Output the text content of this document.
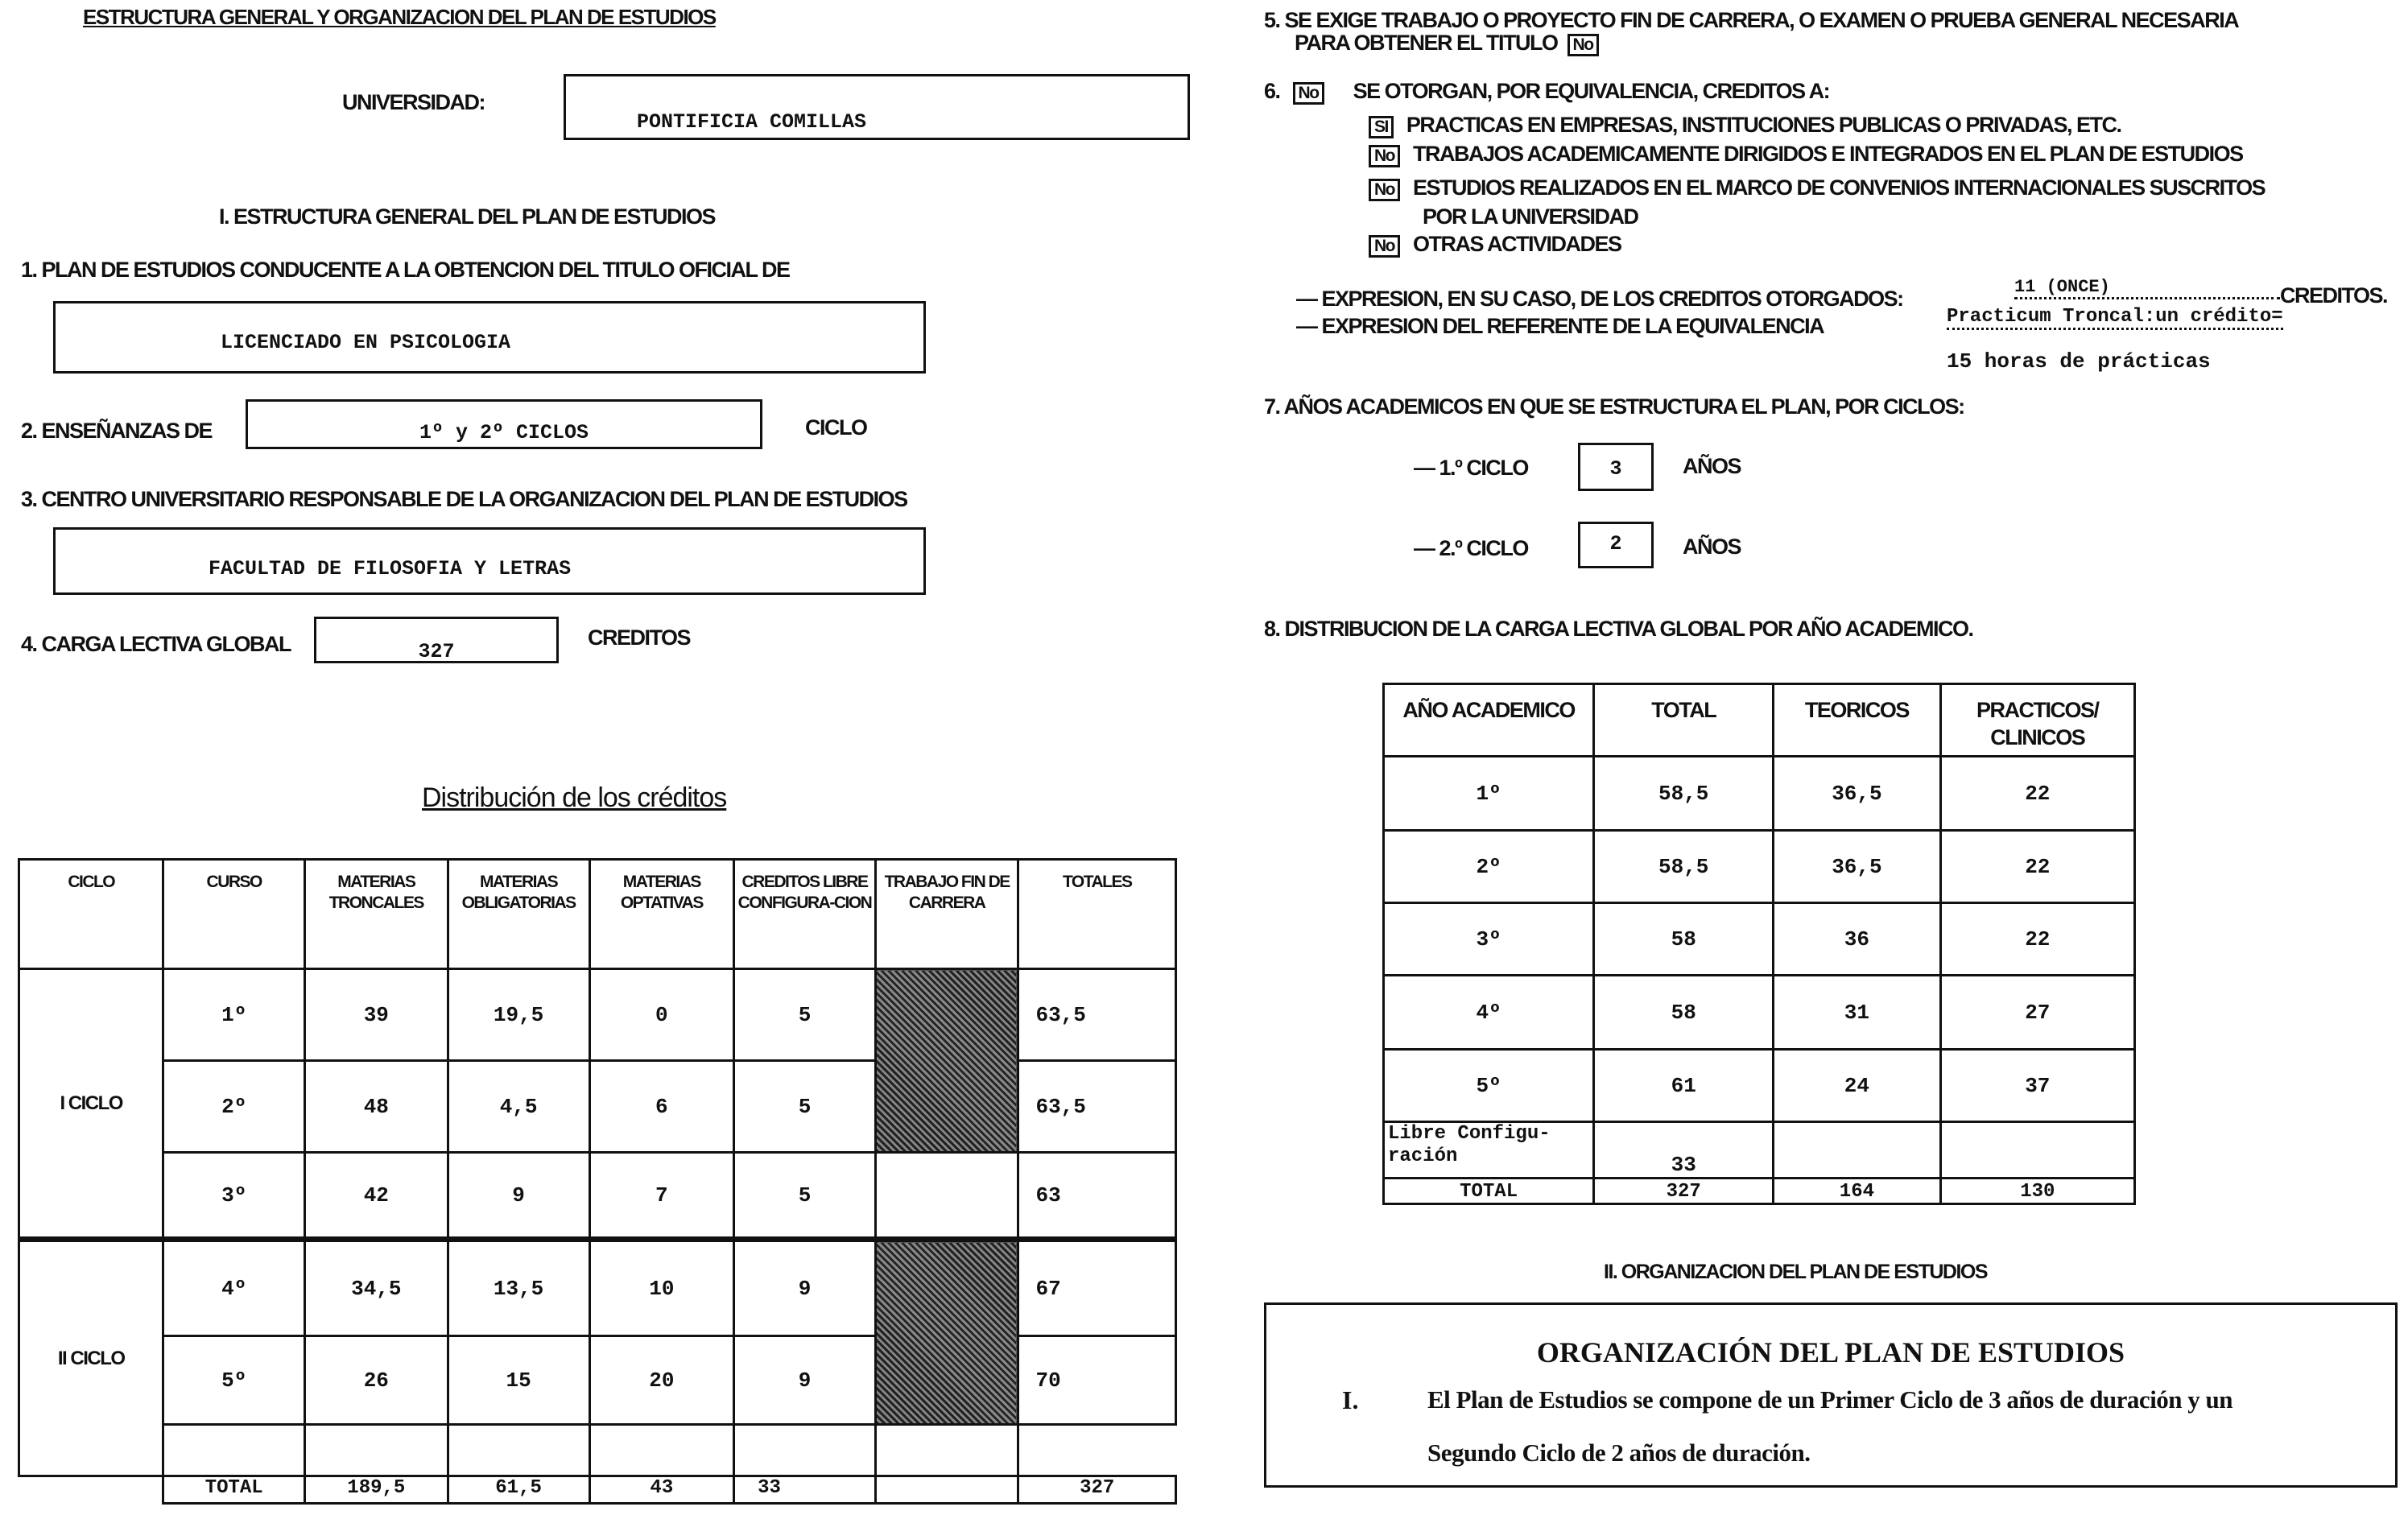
ESTRUCTURA GENERAL Y ORGANIZACION DEL PLAN DE ESTUDIOS
UNIVERSIDAD:
PONTIFICIA COMILLAS
I. ESTRUCTURA GENERAL DEL PLAN DE ESTUDIOS
1. PLAN DE ESTUDIOS CONDUCENTE A LA OBTENCION DEL TITULO OFICIAL DE
LICENCIADO EN PSICOLOGIA
2. ENSEÑANZAS DE	1º y 2º CICLOS	CICLO
3. CENTRO UNIVERSITARIO RESPONSABLE DE LA ORGANIZACION DEL PLAN DE ESTUDIOS
FACULTAD DE FILOSOFIA Y LETRAS
4. CARGA LECTIVA GLOBAL	327
CREDITOS
Distribución de los créditos
CICLO	CURSO	MATERIAS TRONCALES	MATERIAS OBLIGATORIAS	MATERIAS OPTATIVAS	CREDITOS LIBRE CONFIGURA-CION	TRABAJO FIN DE CARRERA	TOTALES
I CICLO	1º	39	19,5	0	5		63,5
	2º	48	4,5	6	5		63,5
	3º	42	9	7	5		63
II CICLO	4º	34,5	13,5	10	9		67
	5º	26	15	20	9		70

	TOTAL	189,5	61,5	43	33		327
5. SE EXIGE TRABAJO O PROYECTO FIN DE CARRERA, O EXAMEN O PRUEBA GENERAL NECESARIA
PARA OBTENER EL TITULO No
6. No SE OTORGAN, POR EQUIVALENCIA, CREDITOS A:
SI PRACTICAS EN EMPRESAS, INSTITUCIONES PUBLICAS O PRIVADAS, ETC.
No TRABAJOS ACADEMICAMENTE DIRIGIDOS E INTEGRADOS EN EL PLAN DE ESTUDIOS
No ESTUDIOS REALIZADOS EN EL MARCO DE CONVENIOS INTERNACIONALES SUSCRITOS
POR LA UNIVERSIDAD
No OTRAS ACTIVIDADES
— EXPRESION, EN SU CASO, DE LOS CREDITOS OTORGADOS:	11 (ONCE)	CREDITOS.
— EXPRESION DEL REFERENTE DE LA EQUIVALENCIA	Practicum Troncal:un crédito=
15 horas de prácticas
7. AÑOS ACADEMICOS EN QUE SE ESTRUCTURA EL PLAN, POR CICLOS:
— 1.º CICLO	3	AÑOS
— 2.º CICLO	2	AÑOS
8. DISTRIBUCION DE LA CARGA LECTIVA GLOBAL POR AÑO ACADEMICO.
AÑO ACADEMICO	TOTAL	TEORICOS	PRACTICOS/ CLINICOS
1º	58,5	36,5	22
2º	58,5	36,5	22
3º	58	36	22
4º	58	31	27
5º	61	24	37
Libre Configu- ración	33		
TOTAL	327	164	130
II. ORGANIZACION DEL PLAN DE ESTUDIOS
ORGANIZACIÓN DEL PLAN DE ESTUDIOS
I.	El Plan de Estudios se compone de un Primer Ciclo de 3 años de duración y un
Segundo Ciclo de 2 años de duración.
